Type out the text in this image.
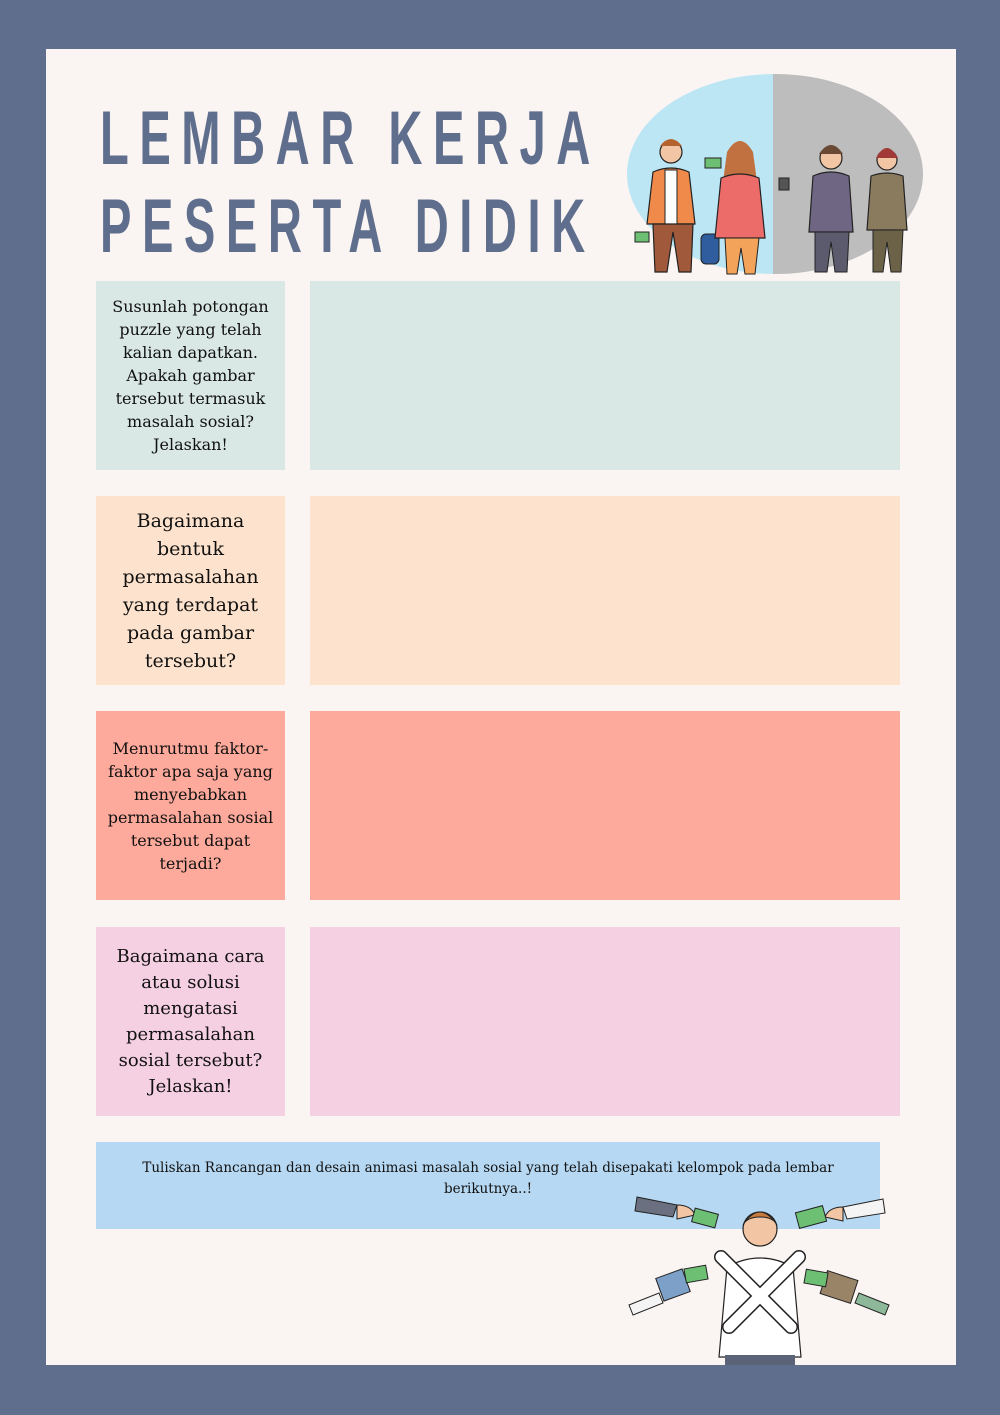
LEMBAR KERJA
PESERTA DIDIK
Susunlah potongan puzzle yang telah kalian dapatkan. Apakah gambar tersebut termasuk masalah sosial? Jelaskan!
Bagaimana bentuk permasalahan yang terdapat pada gambar tersebut?
Menurutmu faktor-faktor apa saja yang menyebabkan permasalahan sosial tersebut dapat terjadi?
Bagaimana cara atau solusi mengatasi permasalahan sosial tersebut? Jelaskan!
Tuliskan Rancangan dan desain animasi masalah sosial yang telah disepakati kelompok pada lembar berikutnya..!
